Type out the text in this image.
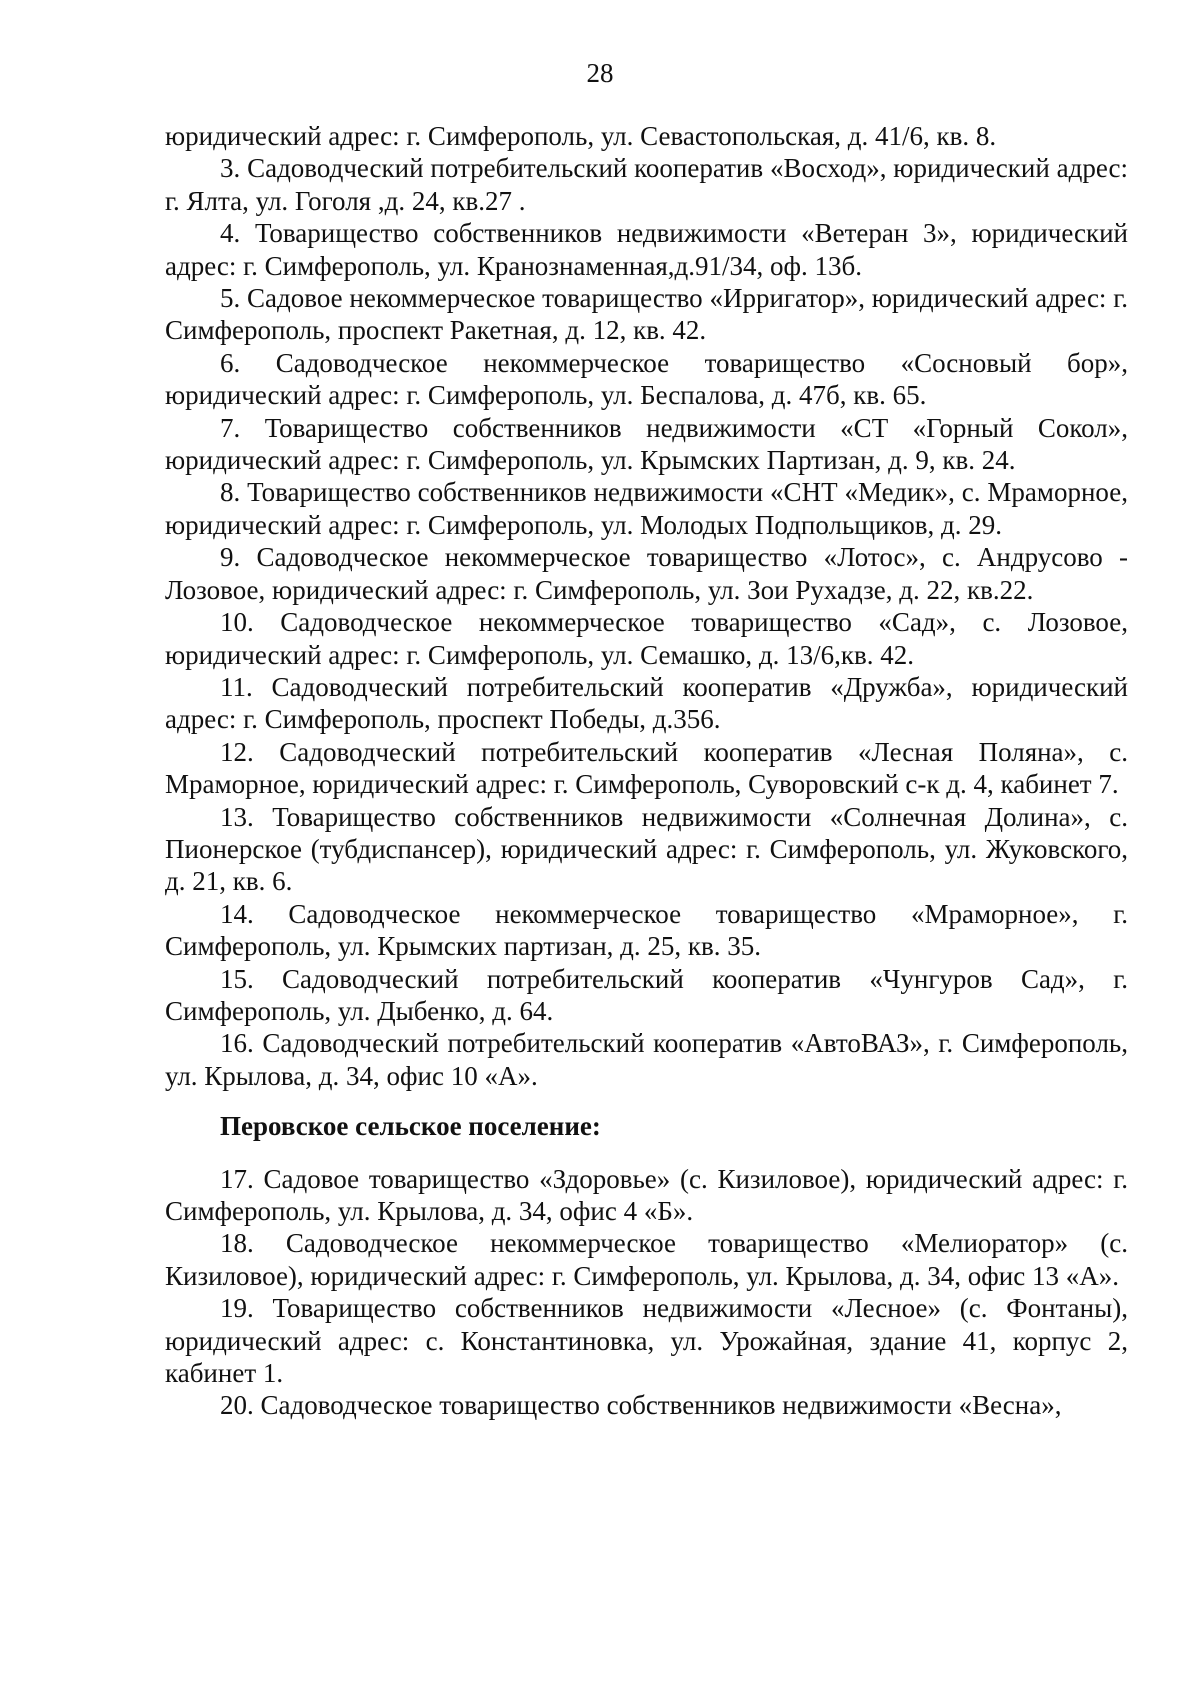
28

юридический адрес: г. Симферополь, ул. Севастопольская, д. 41/6, кв. 8.

3. Садоводческий потребительский кооператив «Восход», юридический адрес: г. Ялта, ул. Гоголя ,д. 24, кв.27 .

4. Товарищество собственников недвижимости «Ветеран 3», юридический адрес: г. Симферополь, ул. Кранознаменная,д.91/34, оф. 13б.

5. Садовое некоммерческое товарищество «Ирригатор», юридический адрес: г. Симферополь, проспект Ракетная, д. 12, кв. 42.

6. Садоводческое некоммерческое товарищество «Сосновый бор», юридический адрес: г. Симферополь, ул. Беспалова, д. 47б, кв. 65.

7. Товарищество собственников недвижимости «СТ «Горный Сокол», юридический адрес: г. Симферополь, ул. Крымских Партизан, д. 9, кв. 24.

8. Товарищество собственников недвижимости «СНТ «Медик», с. Мраморное, юридический адрес: г. Симферополь, ул. Молодых Подпольщиков, д. 29.

9. Садоводческое некоммерческое товарищество «Лотос», с. Андрусово - Лозовое, юридический адрес: г. Симферополь, ул. Зои Рухадзе, д. 22, кв.22.

10. Садоводческое некоммерческое товарищество «Сад», с. Лозовое, юридический адрес: г. Симферополь, ул. Семашко, д. 13/6,кв. 42.

11. Садоводческий потребительский кооператив «Дружба», юридический адрес: г. Симферополь, проспект Победы, д.356.

12. Садоводческий потребительский кооператив «Лесная Поляна», с. Мраморное, юридический адрес: г. Симферополь, Суворовский с-к д. 4, кабинет 7.

13. Товарищество собственников недвижимости «Солнечная Долина», с. Пионерское (тубдиспансер), юридический адрес: г. Симферополь, ул. Жуковского, д. 21, кв. 6.

14. Садоводческое некоммерческое товарищество «Мраморное», г. Симферополь, ул. Крымских партизан, д. 25, кв. 35.

15. Садоводческий потребительский кооператив «Чунгуров Сад», г. Симферополь, ул. Дыбенко, д. 64.

16. Садоводческий потребительский кооператив «АвтоВАЗ», г. Симферополь, ул. Крылова, д. 34, офис 10 «А».

Перовское сельское поселение:

17. Садовое товарищество «Здоровье» (с. Кизиловое), юридический адрес: г. Симферополь, ул. Крылова, д. 34, офис 4 «Б».

18. Садоводческое некоммерческое товарищество «Мелиоратор» (с. Кизиловое), юридический адрес: г. Симферополь, ул. Крылова, д. 34, офис 13 «А».

19. Товарищество собственников недвижимости «Лесное» (с. Фонтаны), юридический адрес: с. Константиновка, ул. Урожайная, здание 41, корпус 2, кабинет 1.

20. Садоводческое товарищество собственников недвижимости «Весна»,
